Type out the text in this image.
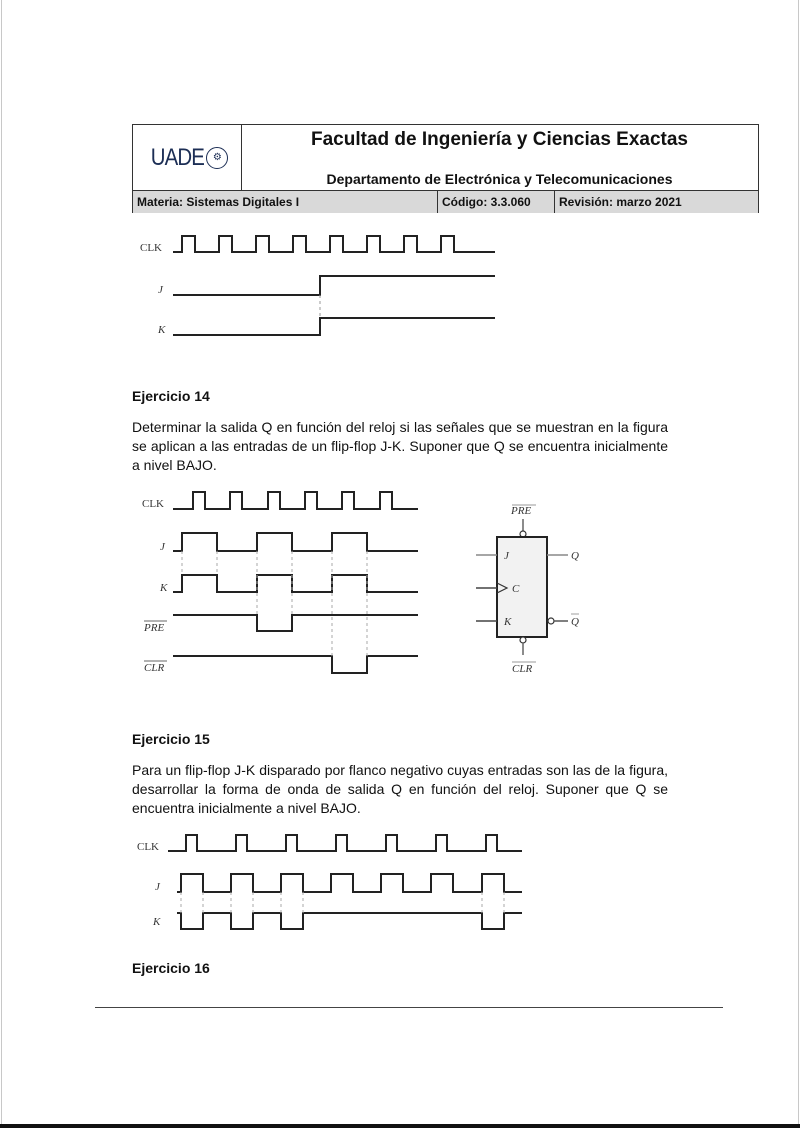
UADE ⚙
Facultad de Ingeniería y Ciencias Exactas
Departamento de Electrónica y Telecomunicaciones
Materia: Sistemas Digitales I	Código: 3.3.060	Revisión: marzo 2021
CLK
J
K
Ejercicio 14
Determinar la salida Q en función del reloj si las señales que se muestran en la figura se aplican a las entradas de un flip-flop J-K. Suponer que Q se encuentra inicialmente a nivel BAJO.
CLK
J
K
PRE
CLR
PRE
J
C
K
Q
Q
CLR
Ejercicio 15
Para un flip-flop J-K disparado por flanco negativo cuyas entradas son las de la figura, desarrollar la forma de onda de salida Q en función del reloj. Suponer que Q se encuentra inicialmente a nivel BAJO.
CLK
J
K
Ejercicio 16
